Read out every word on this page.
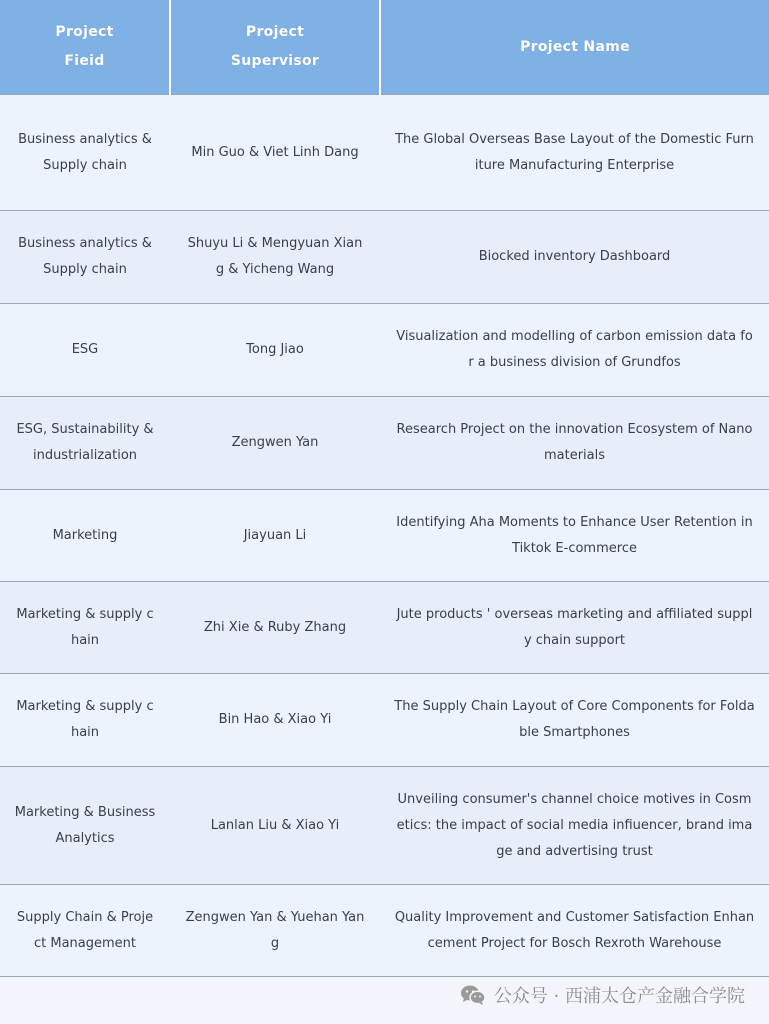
Project Fieid	Project Supervisor	Project Name
Business analytics & Supply chain	Min Guo & Viet Linh Dang	The Global Overseas Base Layout of the Domestic Furniture Manufacturing Enterprise
Business analytics & Supply chain	Shuyu Li & Mengyuan Xiang & Yicheng Wang	Biocked inventory Dashboard
ESG	Tong Jiao	Visualization and modelling of carbon emission data for a business division of Grundfos
ESG, Sustainability & industrialization	Zengwen Yan	Research Project on the innovation Ecosystem of Nanomaterials
Marketing	Jiayuan Li	Identifying Aha Moments to Enhance User Retention in Tiktok E-commerce
Marketing & supply chain	Zhi Xie & Ruby Zhang	Jute products ' overseas marketing and affiliated supply chain support
Marketing & supply chain	Bin Hao & Xiao Yi	The Supply Chain Layout of Core Components for Foldable Smartphones
Marketing & Business Analytics	Lanlan Liu & Xiao Yi	Unveiling consumer's channel choice motives in Cosmetics: the impact of social media infiuencer, brand image and advertising trust
Supply Chain & Project Management	Zengwen Yan & Yuehan Yang	Quality Improvement and Customer Satisfaction Enhancement Project for Bosch Rexroth Warehouse
公众号 · 西浦太仓产金融合学院
